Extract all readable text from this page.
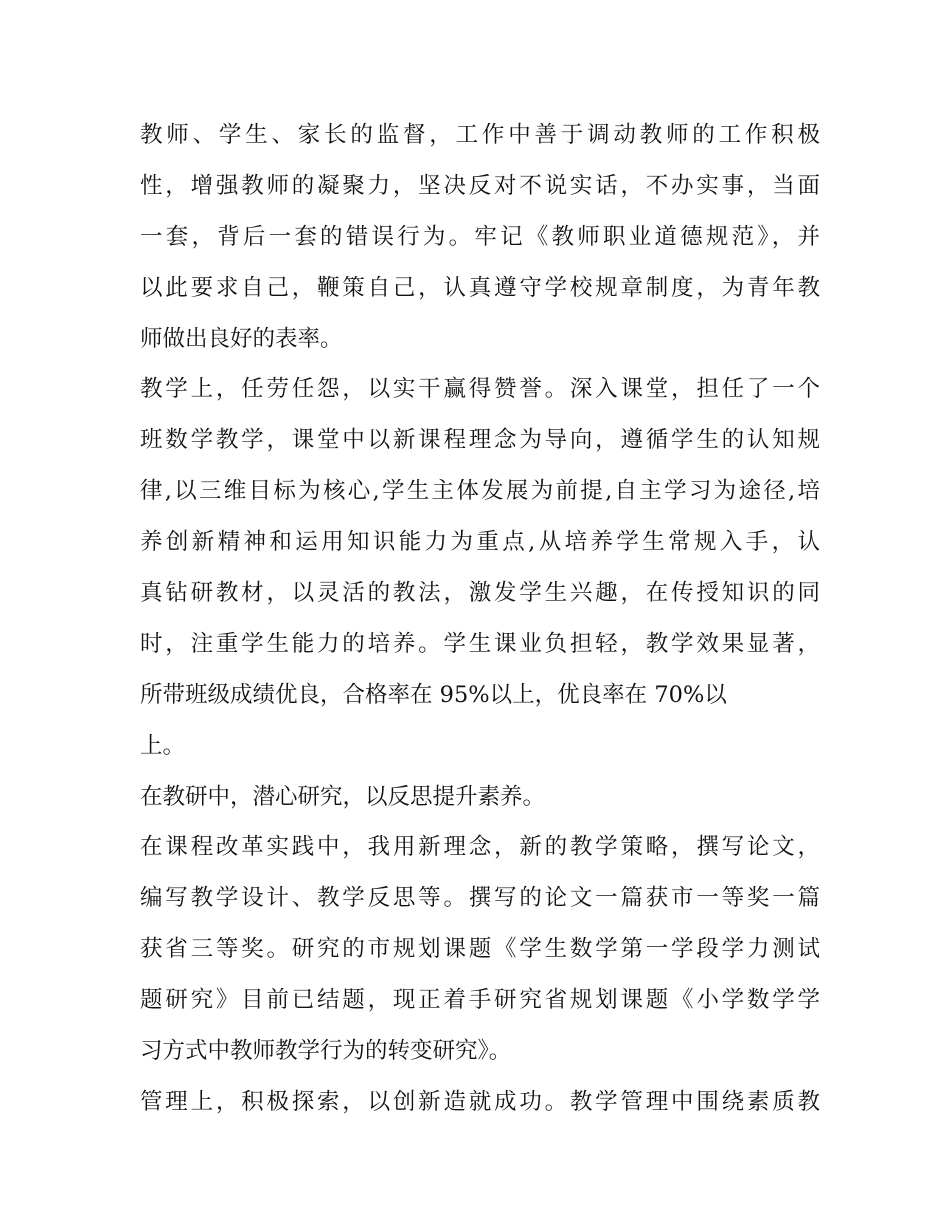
教师、学生、家长的监督，工作中善于调动教师的工作积极
性，增强教师的凝聚力，坚决反对不说实话，不办实事，当面
一套，背后一套的错误行为。牢记《教师职业道德规范》，并
以此要求自己，鞭策自己，认真遵守学校规章制度，为青年教
师做出良好的表率。
教学上，任劳任怨，以实干赢得赞誉。深入课堂，担任了一个
班数学教学，课堂中以新课程理念为导向，遵循学生的认知规
律,以三维目标为核心,学生主体发展为前提,自主学习为途径,培
养创新精神和运用知识能力为重点,从培养学生常规入手，认
真钻研教材，以灵活的教法，激发学生兴趣，在传授知识的同
时，注重学生能力的培养。学生课业负担轻，教学效果显著，
所带班级成绩优良，合格率在 95%以上，优良率在 70%以
上。
在教研中，潜心研究，以反思提升素养。
在课程改革实践中，我用新理念，新的教学策略，撰写论文，
编写教学设计、教学反思等。撰写的论文一篇获市一等奖一篇
获省三等奖。研究的市规划课题《学生数学第一学段学力测试
题研究》目前已结题，现正着手研究省规划课题《小学数学学
习方式中教师教学行为的转变研究》。
管理上，积极探索，以创新造就成功。教学管理中围绕素质教
